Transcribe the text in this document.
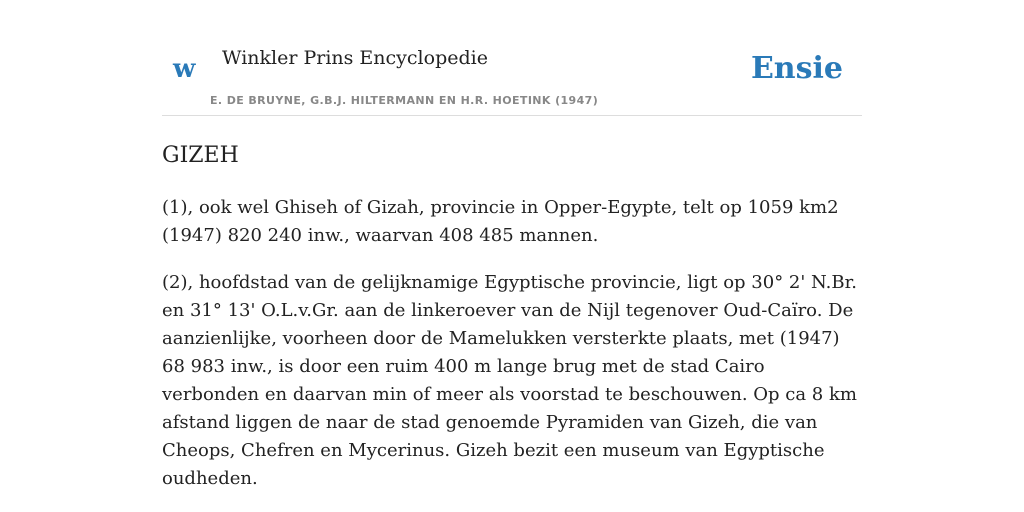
w Winkler Prins Encyclopedie
E. DE BRUYNE, G.B.J. HILTERMANN EN H.R. HOETINK (1947)
Ensie
GIZEH

(1), ook wel Ghiseh of Gizah, provincie in Opper-Egypte, telt op 1059 km2 (1947) 820 240 inw., waarvan 408 485 mannen.

(2), hoofdstad van de gelijknamige Egyptische provincie, ligt op 30° 2' N.Br. en 31° 13' O.L.v.Gr. aan de linkeroever van de Nijl tegenover Oud-Caïro. De aanzienlijke, voorheen door de Mamelukken versterkte plaats, met (1947) 68 983 inw., is door een ruim 400 m lange brug met de stad Cairo verbonden en daarvan min of meer als voorstad te beschouwen. Op ca 8 km afstand liggen de naar de stad genoemde Pyramiden van Gizeh, die van Cheops, Chefren en Mycerinus. Gizeh bezit een museum van Egyptische oudheden.
